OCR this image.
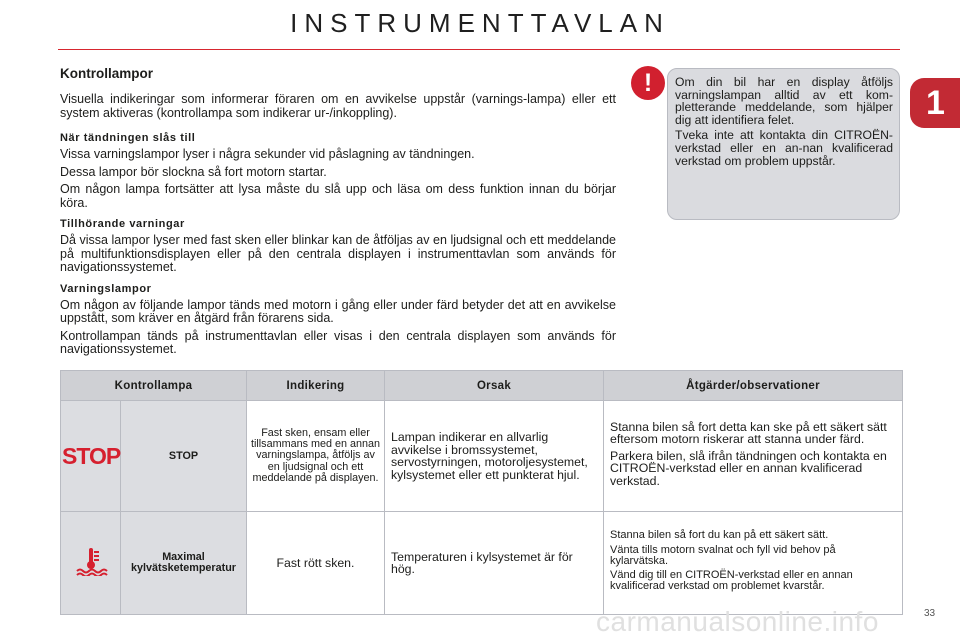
INSTRUMENTTAVLAN
1
Kontrollampor

Visuella indikeringar som informerar föraren om en avvikelse uppstår (varnings-lampa) eller ett system aktiveras (kontrollampa som indikerar ur-/inkoppling).

När tändningen slås till

Vissa varningslampor lyser i några sekunder vid påslagning av tändningen.

Dessa lampor bör slockna så fort motorn startar.

Om någon lampa fortsätter att lysa måste du slå upp och läsa om dess funktion innan du börjar köra.

Tillhörande varningar

Då vissa lampor lyser med fast sken eller blinkar kan de åtföljas av en ljudsignal och ett meddelande på multifunktionsdisplayen eller på den centrala displayen i instrumenttavlan som används för navigationssystemet.

Varningslampor

Om någon av följande lampor tänds med motorn i gång eller under färd betyder det att en avvikelse uppstått, som kräver en åtgärd från förarens sida.

Kontrollampan tänds på instrumenttavlan eller visas i den centrala displayen som används för navigationssystemet.

!	Om din bil har en display åtföljs varningslampan alltid av ett kom-pletterande meddelande, som hjälper dig att identifiera felet.

Tveka inte att kontakta din CITROËN-verkstad eller en an-nan kvalificerad verkstad om problem uppstår.

Kontrollampa		Indikering	Orsak	Åtgärder/observationer
STOP	STOP	Fast sken, ensam eller tillsammans med en annan varningslampa, åtföljs av en ljudsignal och ett meddelande på displayen.	Lampan indikerar en allvarlig avvikelse i bromssystemet, servostyrningen, motoroljesystemet, kylsystemet eller ett punkterat hjul.	Stanna bilen så fort detta kan ske på ett säkert sätt eftersom motorn riskerar att stanna under färd.

Parkera bilen, slå ifrån tändningen och kontakta en CITROËN-verkstad eller en annan kvalificerad verkstad.

	Maximal kylvätsketemperatur	Fast rött sken.	Temperaturen i kylsystemet är för hög.	Stanna bilen så fort du kan på ett säkert sätt.

Vänta tills motorn svalnat och fyll vid behov på kylarvätska.

Vänd dig till en CITROËN-verkstad eller en annan kvalificerad verkstad om problemet kvarstår.

carmanualsonline.info	33
